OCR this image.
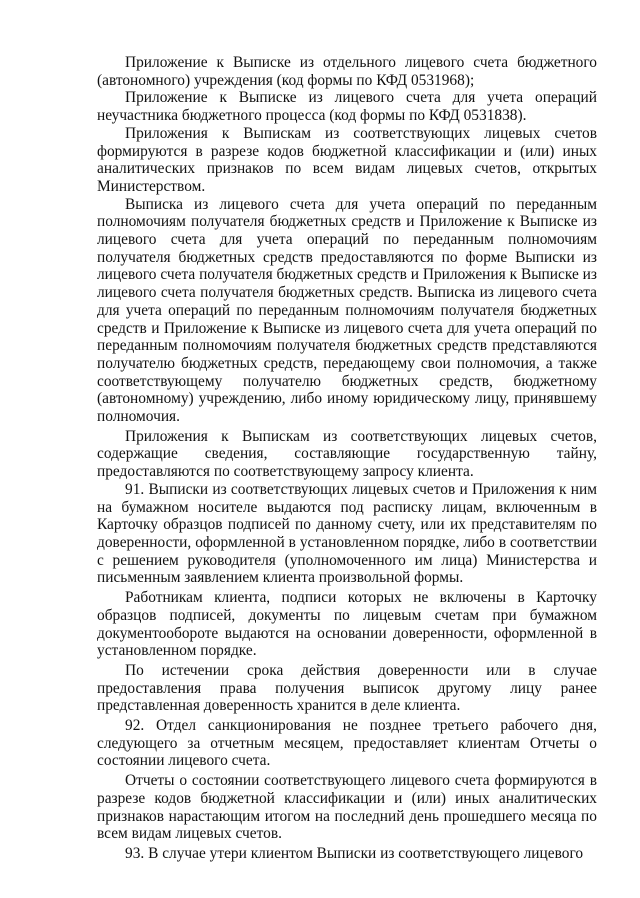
Приложение к Выписке из отдельного лицевого счета бюджетного (автономного) учреждения (код формы по КФД 0531968);

Приложение к Выписке из лицевого счета для учета операций неучастника бюджетного процесса (код формы по КФД 0531838).

Приложения к Выпискам из соответствующих лицевых счетов формируются в разрезе кодов бюджетной классификации и (или) иных аналитических признаков по всем видам лицевых счетов, открытых Министерством.

Выписка из лицевого счета для учета операций по переданным полномочиям получателя бюджетных средств и Приложение к Выписке из лицевого счета для учета операций по переданным полномочиям получателя бюджетных средств предоставляются по форме Выписки из лицевого счета получателя бюджетных средств и Приложения к Выписке из лицевого счета получателя бюджетных средств. Выписка из лицевого счета для учета операций по переданным полномочиям получателя бюджетных средств и Приложение к Выписке из лицевого счета для учета операций по переданным полномочиям получателя бюджетных средств представляются получателю бюджетных средств, передающему свои полномочия, а также соответствующему получателю бюджетных средств, бюджетному (автономному) учреждению, либо иному юридическому лицу, принявшему полномочия.

Приложения к Выпискам из соответствующих лицевых счетов, содержащие сведения, составляющие государственную тайну, предоставляются по соответствующему запросу клиента.

91. Выписки из соответствующих лицевых счетов и Приложения к ним на бумажном носителе выдаются под расписку лицам, включенным в Карточку образцов подписей по данному счету, или их представителям по доверенности, оформленной в установленном порядке, либо в соответствии с решением руководителя (уполномоченного им лица) Министерства и письменным заявлением клиента произвольной формы.

Работникам клиента, подписи которых не включены в Карточку образцов подписей, документы по лицевым счетам при бумажном документообороте выдаются на основании доверенности, оформленной в установленном порядке.

По истечении срока действия доверенности или в случае предоставления права получения выписок другому лицу ранее представленная доверенность хранится в деле клиента.

92. Отдел санкционирования не позднее третьего рабочего дня, следующего за отчетным месяцем, предоставляет клиентам Отчеты о состоянии лицевого счета.

Отчеты о состоянии соответствующего лицевого счета формируются в разрезе кодов бюджетной классификации и (или) иных аналитических признаков нарастающим итогом на последний день прошедшего месяца по всем видам лицевых счетов.

93. В случае утери клиентом Выписки из соответствующего лицевого
